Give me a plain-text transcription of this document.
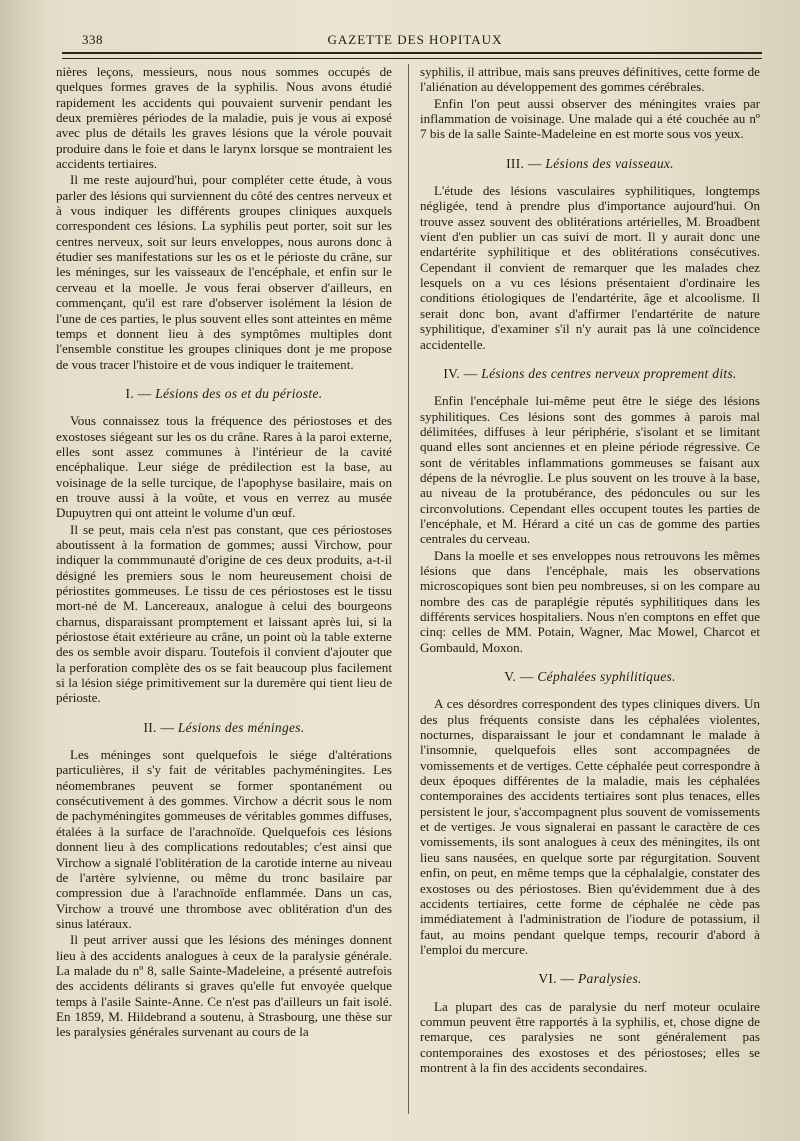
338	GAZETTE DES HOPITAUX

nières leçons, messieurs, nous nous sommes occupés de quelques formes graves de la syphilis. Nous avons étudié rapidement les accidents qui pouvaient survenir pendant les deux premières périodes de la maladie, puis je vous ai exposé avec plus de détails les graves lésions que la vérole pouvait produire dans le foie et dans le larynx lorsque se montraient les accidents tertiaires.

Il me reste aujourd'hui, pour compléter cette étude, à vous parler des lésions qui surviennent du côté des centres nerveux et à vous indiquer les différents groupes cliniques auxquels correspondent ces lésions. La syphilis peut porter, soit sur les centres nerveux, soit sur leurs enveloppes, nous aurons donc à étudier ses manifestations sur les os et le périoste du crâne, sur les méninges, sur les vaisseaux de l'encéphale, et enfin sur le cerveau et la moelle. Je vous ferai observer d'ailleurs, en commençant, qu'il est rare d'observer isolément la lésion de l'une de ces parties, le plus souvent elles sont atteintes en même temps et donnent lieu à des symptômes multiples dont l'ensemble constitue les groupes cliniques dont je me propose de vous tracer l'histoire et de vous indiquer le traitement.

I. — Lésions des os et du périoste.

Vous connaissez tous la fréquence des périostoses et des exostoses siégeant sur les os du crâne. Rares à la paroi externe, elles sont assez communes à l'intérieur de la cavité encéphalique. Leur siége de prédilection est la base, au voisinage de la selle turcique, de l'apophyse basilaire, mais on en trouve aussi à la voûte, et vous en verrez au musée Dupuytren qui ont atteint le volume d'un œuf.

Il se peut, mais cela n'est pas constant, que ces périostoses aboutissent à la formation de gommes; aussi Virchow, pour indiquer la commmunauté d'origine de ces deux produits, a-t-il désigné les premiers sous le nom heureusement choisi de périostites gommeuses. Le tissu de ces périostoses est le tissu mort-né de M. Lancereaux, analogue à celui des bourgeons charnus, disparaissant promptement et laissant après lui, si la périostose était extérieure au crâne, un point où la table externe des os semble avoir disparu. Toutefois il convient d'ajouter que la perforation complète des os se fait beaucoup plus facilement si la lésion siége primitivement sur la duremère qui tient lieu de périoste.

II. — Lésions des méninges.

Les méninges sont quelquefois le siége d'altérations particulières, il s'y fait de véritables pachyméningites. Les néomembranes peuvent se former spontanément ou consécutivement à des gommes. Virchow a décrit sous le nom de pachyméningites gommeuses de véritables gommes diffuses, étalées à la surface de l'arachnoïde. Quelquefois ces lésions donnent lieu à des complications redoutables; c'est ainsi que Virchow a signalé l'oblitération de la carotide interne au niveau de l'artère sylvienne, ou même du tronc basilaire par compression due à l'arachnoïde enflammée. Dans un cas, Virchow a trouvé une thrombose avec oblitération d'un des sinus latéraux.

Il peut arriver aussi que les lésions des méninges donnent lieu à des accidents analogues à ceux de la paralysie générale. La malade du nº 8, salle Sainte-Madeleine, a présenté autrefois des accidents délirants si graves qu'elle fut envoyée quelque temps à l'asile Sainte-Anne. Ce n'est pas d'ailleurs un fait isolé. En 1859, M. Hildebrand a soutenu, à Strasbourg, une thèse sur les paralysies générales survenant au cours de la

syphilis, il attribue, mais sans preuves définitives, cette forme de l'aliénation au développement des gommes cérébrales.

Enfin l'on peut aussi observer des méningites vraies par inflammation de voisinage. Une malade qui a été couchée au nº 7 bis de la salle Sainte-Madeleine en est morte sous vos yeux.

III. — Lésions des vaisseaux.

L'étude des lésions vasculaires syphilitiques, longtemps négligée, tend à prendre plus d'importance aujourd'hui. On trouve assez souvent des oblitérations artérielles, M. Broadbent vient d'en publier un cas suivi de mort. Il y aurait donc une endartérite syphilitique et des oblitérations consécutives. Cependant il convient de remarquer que les malades chez lesquels on a vu ces lésions présentaient d'ordinaire les conditions étiologiques de l'endartérite, âge et alcoolisme. Il serait donc bon, avant d'affirmer l'endartérite de nature syphilitique, d'examiner s'il n'y aurait pas là une coïncidence accidentelle.

IV. — Lésions des centres nerveux proprement dits.

Enfin l'encéphale lui-même peut être le siége des lésions syphilitiques. Ces lésions sont des gommes à parois mal délimitées, diffuses à leur périphérie, s'isolant et se limitant quand elles sont anciennes et en pleine période régressive. Ce sont de véritables inflammations gommeuses se faisant aux dépens de la névroglie. Le plus souvent on les trouve à la base, au niveau de la protubérance, des pédoncules ou sur les circonvolutions. Cependant elles occupent toutes les parties de l'encéphale, et M. Hérard a cité un cas de gomme des parties centrales du cerveau.

Dans la moelle et ses enveloppes nous retrouvons les mêmes lésions que dans l'encéphale, mais les observations microscopiques sont bien peu nombreuses, si on les compare au nombre des cas de paraplégie réputés syphilitiques dans les différents services hospitaliers. Nous n'en comptons en effet que cinq: celles de MM. Potain, Wagner, Mac Mowel, Charcot et Gombauld, Moxon.

V. — Céphalées syphilitiques.

A ces désordres correspondent des types cliniques divers. Un des plus fréquents consiste dans les céphalées violentes, nocturnes, disparaissant le jour et condamnant le malade à l'insomnie, quelquefois elles sont accompagnées de vomissements et de vertiges. Cette céphalée peut correspondre à deux époques différentes de la maladie, mais les céphalées contemporaines des accidents tertiaires sont plus tenaces, elles persistent le jour, s'accompagnent plus souvent de vomissements et de vertiges. Je vous signalerai en passant le caractère de ces vomissements, ils sont analogues à ceux des méningites, ils ont lieu sans nausées, en quelque sorte par régurgitation. Souvent enfin, on peut, en même temps que la céphalalgie, constater des exostoses ou des périostoses. Bien qu'évidemment due à des accidents tertiaires, cette forme de céphalée ne cède pas immédiatement à l'administration de l'iodure de potassium, il faut, au moins pendant quelque temps, recourir d'abord à l'emploi du mercure.

VI. — Paralysies.

La plupart des cas de paralysie du nerf moteur oculaire commun peuvent être rapportés à la syphilis, et, chose digne de remarque, ces paralysies ne sont généralement pas contemporaines des exostoses et des périostoses; elles se montrent à la fin des accidents secondaires.
